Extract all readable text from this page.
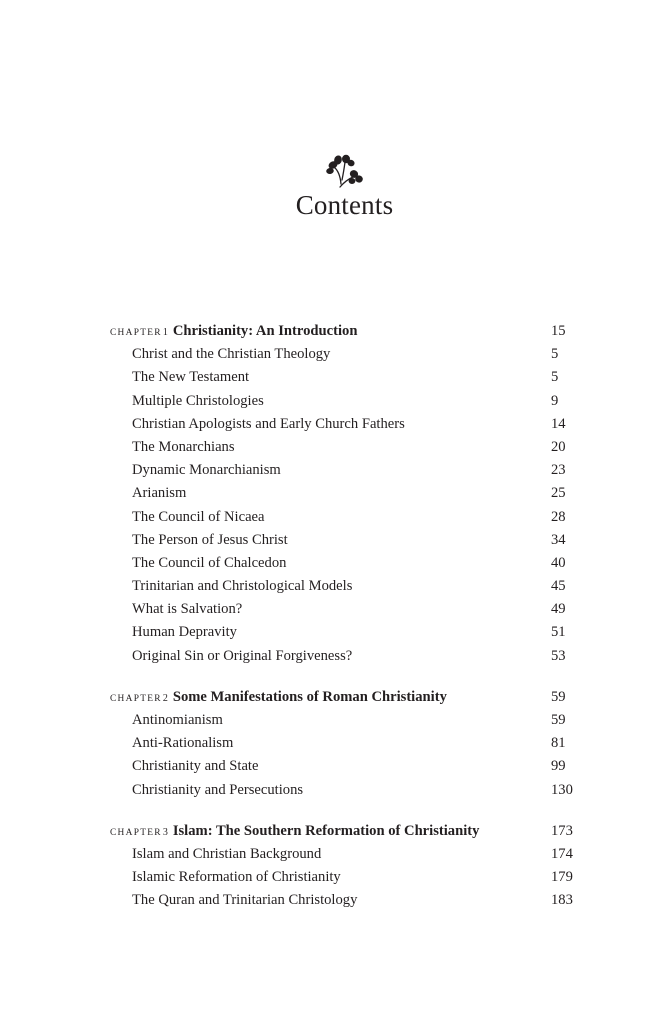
Contents
CHAPTER1 Christianity: An Introduction	15
Christ and the Christian Theology	5
The New Testament	5
Multiple Christologies	9
Christian Apologists and Early Church Fathers	14
The Monarchians	20
Dynamic Monarchianism	23
Arianism	25
The Council of Nicaea	28
The Person of Jesus Christ	34
The Council of Chalcedon	40
Trinitarian and Christological Models	45
What is Salvation?	49
Human Depravity	51
Original Sin or Original Forgiveness?	53
CHAPTER2 Some Manifestations of Roman Christianity	59
Antinomianism	59
Anti-Rationalism	81
Christianity and State	99
Christianity and Persecutions	130
CHAPTER3 Islam: The Southern Reformation of Christianity	173
Islam and Christian Background	174
Islamic Reformation of Christianity	179
The Quran and Trinitarian Christology	183
